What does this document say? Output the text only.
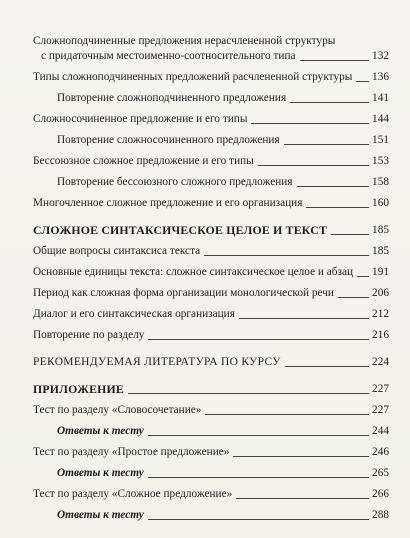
Сложноподчиненные предложения нерасчлененной структуры
с придаточным местоименно-соотносительного типа	132
Типы сложноподчиненных предложений расчлененной структуры 136
Повторение сложноподчиненного предложения	141
Сложносочиненное предложение и его типы	144
Повторение сложносочиненного предложения	151
Бессоюзное сложное предложение и его типы	153
Повторение бессоюзного сложного предложения	158
Многочленное сложное предложение и его организация	160
СЛОЖНОЕ СИНТАКСИЧЕСКОЕ ЦЕЛОЕ И ТЕКСТ	185
Общие вопросы синтаксиса текста	185
Основные единицы текста: сложное синтаксическое целое и абзац 191
Период как сложная форма организации монологической речи	206
Диалог и его синтаксическая организация	212
Повторение по разделу	216
РЕКОМЕНДУЕМАЯ ЛИТЕРАТУРА ПО КУРСУ	224
ПРИЛОЖЕНИЕ	227
Тест по разделу «Словосочетание»	227
Ответы к тесту	244
Тест по разделу «Простое предложение»	246
Ответы к тесту	265
Тест по разделу «Сложное предложение»	266
Ответы к тесту	288
